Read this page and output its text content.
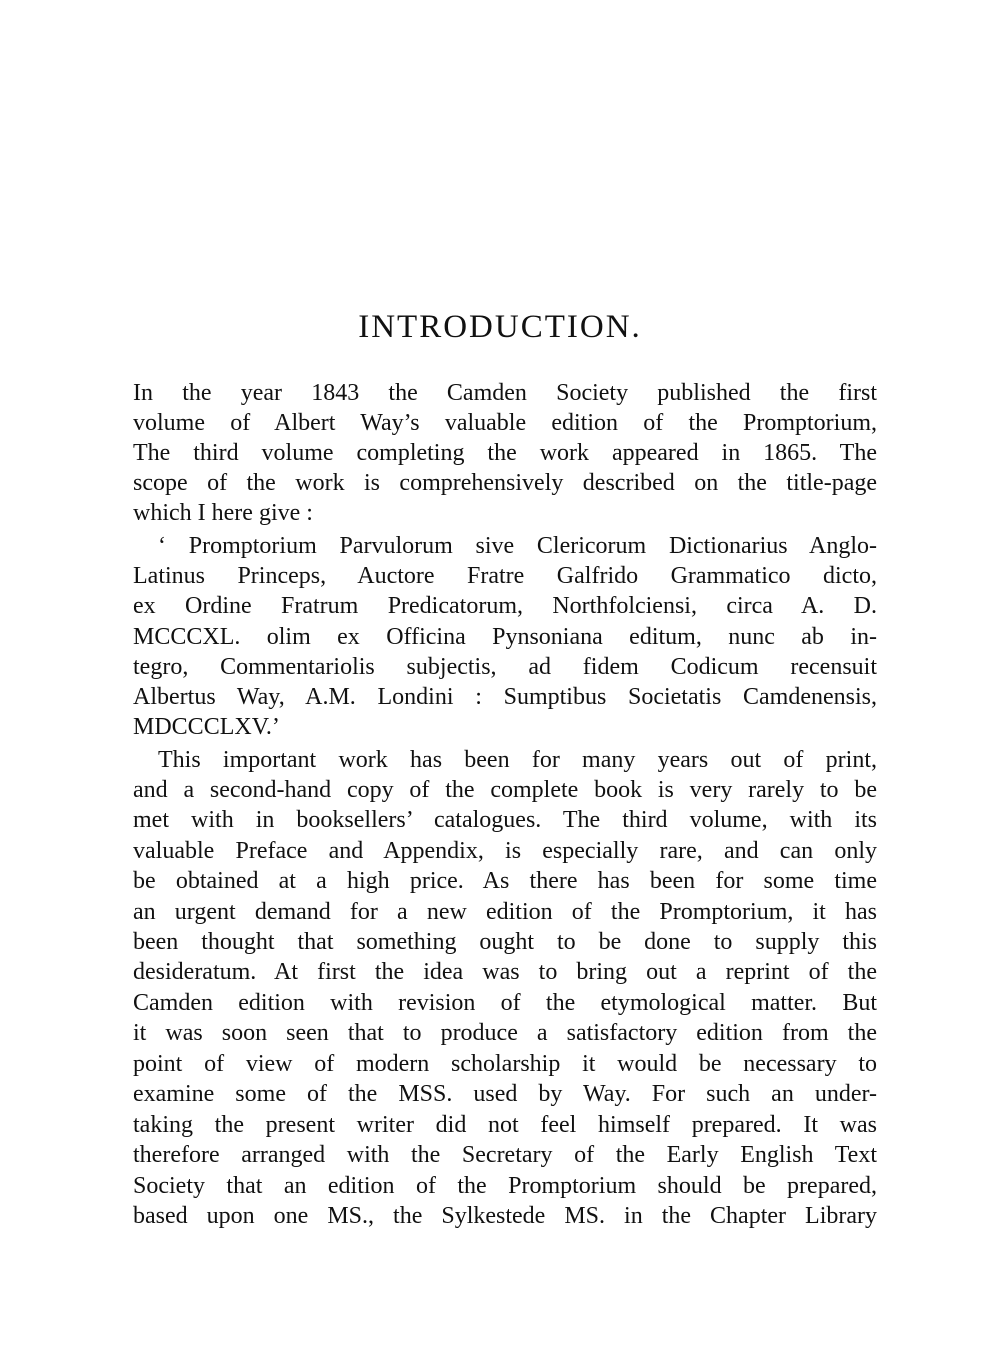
INTRODUCTION.
In the year 1843 the Camden Society published the first
volume of Albert Way’s valuable edition of the Promptorium,
The third volume completing the work appeared in 1865. The
scope of the work is comprehensively described on the title-page
which I here give :
‘ Promptorium Parvulorum sive Clericorum Dictionarius Anglo-
Latinus Princeps, Auctore Fratre Galfrido Grammatico dicto,
ex Ordine Fratrum Predicatorum, Northfolciensi, circa A. D.
MCCCXL. olim ex Officina Pynsoniana editum, nunc ab in-
tegro, Commentariolis subjectis, ad fidem Codicum recensuit
Albertus Way, A.M. Londini : Sumptibus Societatis Camdenensis,
MDCCCLXV.’
This important work has been for many years out of print,
and a second-hand copy of the complete book is very rarely to be
met with in booksellers’ catalogues. The third volume, with its
valuable Preface and Appendix, is especially rare, and can only
be obtained at a high price. As there has been for some time
an urgent demand for a new edition of the Promptorium, it has
been thought that something ought to be done to supply this
desideratum. At first the idea was to bring out a reprint of the
Camden edition with revision of the etymological matter. But
it was soon seen that to produce a satisfactory edition from the
point of view of modern scholarship it would be necessary to
examine some of the MSS. used by Way. For such an under-
taking the present writer did not feel himself prepared. It was
therefore arranged with the Secretary of the Early English Text
Society that an edition of the Promptorium should be prepared,
based upon one MS., the Sylkestede MS. in the Chapter Library
